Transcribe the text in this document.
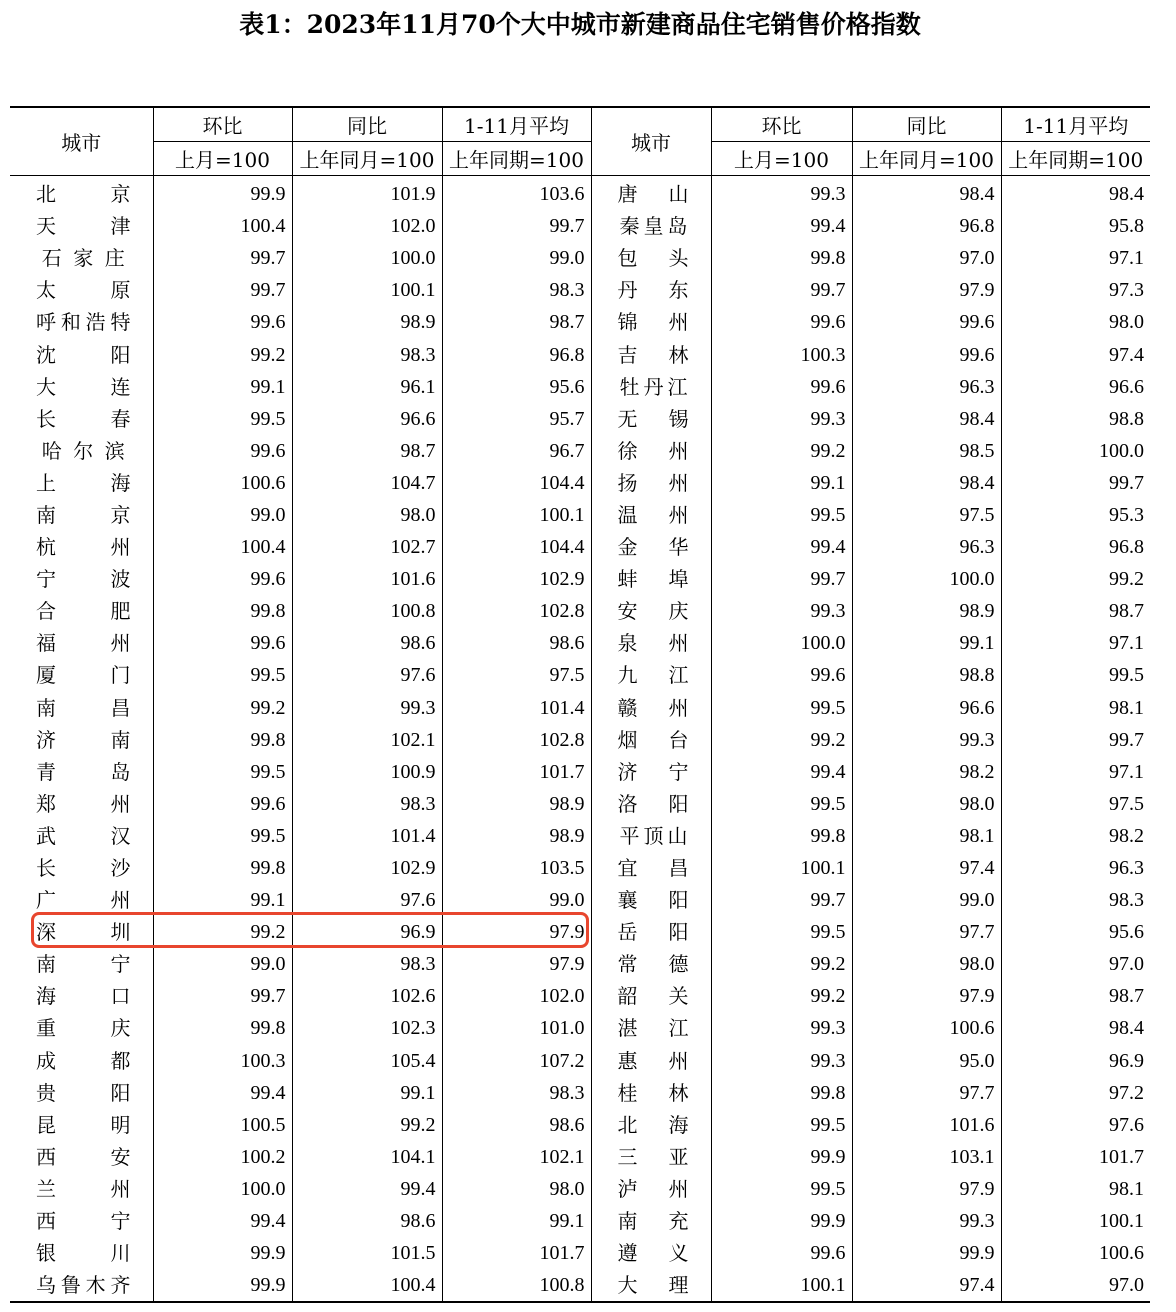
表1：2023年11月70个大中城市新建商品住宅销售价格指数
城市	环比	同比	1-11月平均	城市	环比	同比	1-11月平均
	上月=100	上年同月=100	上年同期=100		上月=100	上年同月=100	上年同期=100

北 京	99.9	101.9	103.6	唐 山	99.3	98.4	98.4

天 津	100.4	102.0	99.7	秦 皇 岛	99.4	96.8	95.8

石 家 庄	99.7	100.0	99.0	包 头	99.8	97.0	97.1

太 原	99.7	100.1	98.3	丹 东	99.7	97.9	97.3

呼 和 浩 特	99.6	98.9	98.7	锦 州	99.6	99.6	98.0

沈 阳	99.2	98.3	96.8	吉 林	100.3	99.6	97.4

大 连	99.1	96.1	95.6	牡 丹 江	99.6	96.3	96.6

长 春	99.5	96.6	95.7	无 锡	99.3	98.4	98.8

哈 尔 滨	99.6	98.7	96.7	徐 州	99.2	98.5	100.0

上 海	100.6	104.7	104.4	扬 州	99.1	98.4	99.7

南 京	99.0	98.0	100.1	温 州	99.5	97.5	95.3

杭 州	100.4	102.7	104.4	金 华	99.4	96.3	96.8

宁 波	99.6	101.6	102.9	蚌 埠	99.7	100.0	99.2

合 肥	99.8	100.8	102.8	安 庆	99.3	98.9	98.7

福 州	99.6	98.6	98.6	泉 州	100.0	99.1	97.1

厦 门	99.5	97.6	97.5	九 江	99.6	98.8	99.5

南 昌	99.2	99.3	101.4	赣 州	99.5	96.6	98.1

济 南	99.8	102.1	102.8	烟 台	99.2	99.3	99.7

青 岛	99.5	100.9	101.7	济 宁	99.4	98.2	97.1

郑 州	99.6	98.3	98.9	洛 阳	99.5	98.0	97.5

武 汉	99.5	101.4	98.9	平 顶 山	99.8	98.1	98.2

长 沙	99.8	102.9	103.5	宜 昌	100.1	97.4	96.3

广 州	99.1	97.6	99.0	襄 阳	99.7	99.0	98.3

深 圳	99.2	96.9	97.9	岳 阳	99.5	97.7	95.6

南 宁	99.0	98.3	97.9	常 德	99.2	98.0	97.0

海 口	99.7	102.6	102.0	韶 关	99.2	97.9	98.7

重 庆	99.8	102.3	101.0	湛 江	99.3	100.6	98.4

成 都	100.3	105.4	107.2	惠 州	99.3	95.0	96.9

贵 阳	99.4	99.1	98.3	桂 林	99.8	97.7	97.2

昆 明	100.5	99.2	98.6	北 海	99.5	101.6	97.6

西 安	100.2	104.1	102.1	三 亚	99.9	103.1	101.7

兰 州	100.0	99.4	98.0	泸 州	99.5	97.9	98.1

西 宁	99.4	98.6	99.1	南 充	99.9	99.3	100.1

银 川	99.9	101.5	101.7	遵 义	99.6	99.9	100.6

乌 鲁 木 齐	99.9	100.4	100.8	大 理	100.1	97.4	97.0
